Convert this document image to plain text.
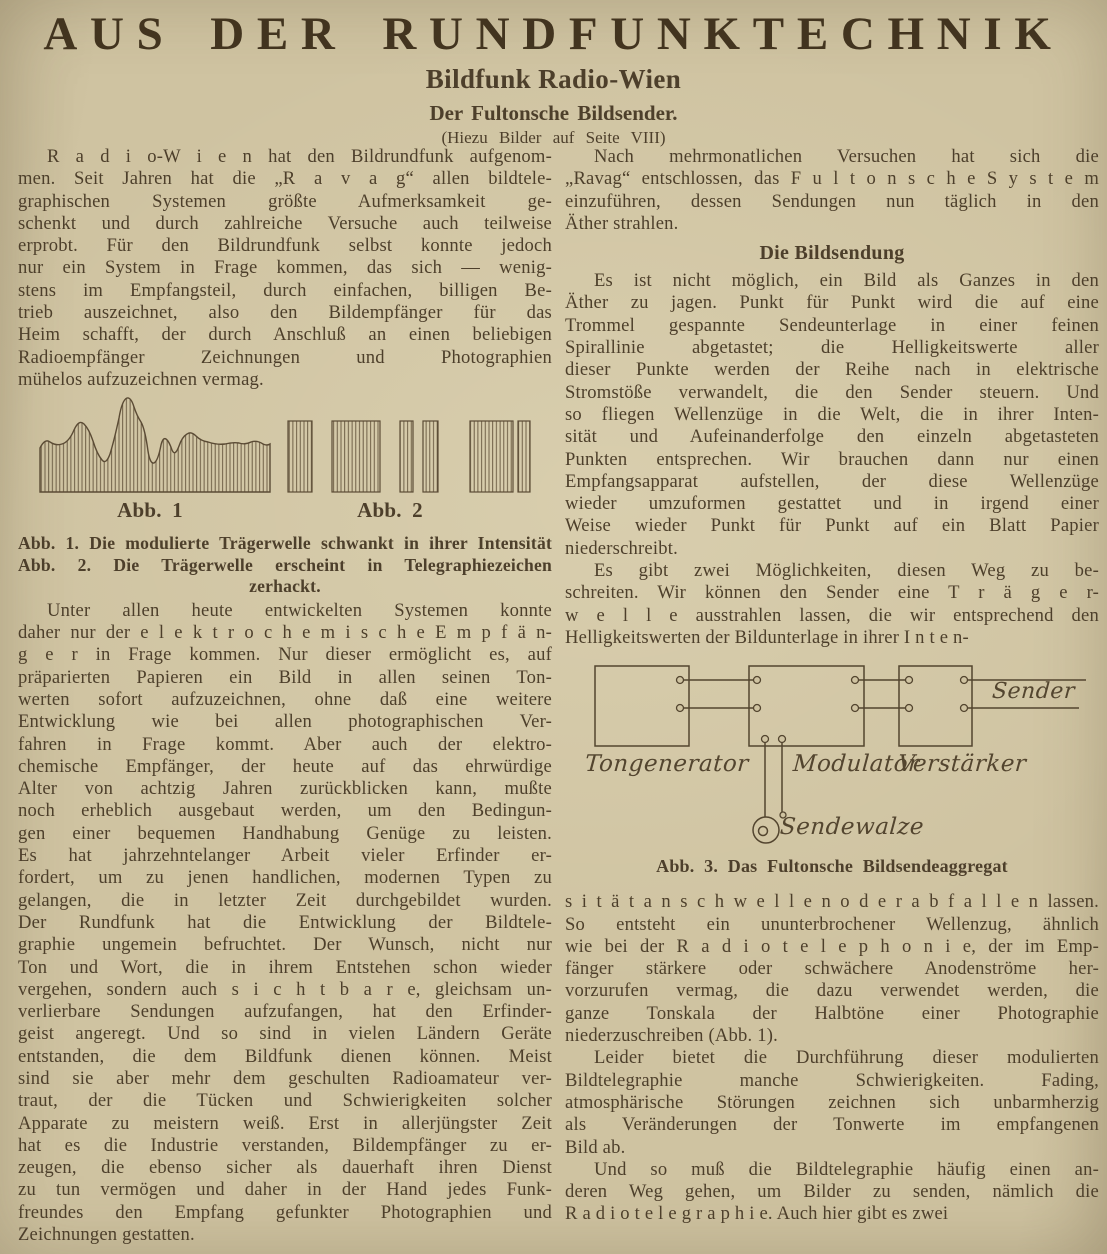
AUS DER RUNDFUNKTECHNIK
Bildfunk Radio-Wien
Der Fultonsche Bildsender.
(Hiezu Bilder auf Seite VIII)
R a d i o-W i e n hat den Bildrundfunk aufgenom-
men. Seit Jahren hat die „R a v a g“ allen bildtele-
graphischen Systemen größte Aufmerksamkeit ge-
schenkt und durch zahlreiche Versuche auch teilweise
erprobt. Für den Bildrundfunk selbst konnte jedoch
nur ein System in Frage kommen, das sich — wenig-
stens im Empfangsteil, durch einfachen, billigen Be-
trieb auszeichnet, also den Bildempfänger für das
Heim schafft, der durch Anschluß an einen beliebigen
Radioempfänger Zeichnungen und Photographien
mühelos aufzuzeichnen vermag.
Abb. 1	Abb. 2
Abb. 1. Die modulierte Trägerwelle schwankt in ihrer Intensität
Abb. 2. Die Trägerwelle erscheint in Telegraphiezeichen
zerhackt.
Unter allen heute entwickelten Systemen konnte
daher nur der e l e k t r o c h e m i s c h e E m p f ä n-
g e r in Frage kommen. Nur dieser ermöglicht es, auf
präparierten Papieren ein Bild in allen seinen Ton-
werten sofort aufzuzeichnen, ohne daß eine weitere
Entwicklung wie bei allen photographischen Ver-
fahren in Frage kommt. Aber auch der elektro-
chemische Empfänger, der heute auf das ehrwürdige
Alter von achtzig Jahren zurückblicken kann, mußte
noch erheblich ausgebaut werden, um den Bedingun-
gen einer bequemen Handhabung Genüge zu leisten.
Es hat jahrzehntelanger Arbeit vieler Erfinder er-
fordert, um zu jenen handlichen, modernen Typen zu
gelangen, die in letzter Zeit durchgebildet wurden.
Der Rundfunk hat die Entwicklung der Bildtele-
graphie ungemein befruchtet. Der Wunsch, nicht nur
Ton und Wort, die in ihrem Entstehen schon wieder
vergehen, sondern auch s i c h t b a r e, gleichsam un-
verlierbare Sendungen aufzufangen, hat den Erfinder-
geist angeregt. Und so sind in vielen Ländern Geräte
entstanden, die dem Bildfunk dienen können. Meist
sind sie aber mehr dem geschulten Radioamateur ver-
traut, der die Tücken und Schwierigkeiten solcher
Apparate zu meistern weiß. Erst in allerjüngster Zeit
hat es die Industrie verstanden, Bildempfänger zu er-
zeugen, die ebenso sicher als dauerhaft ihren Dienst
zu tun vermögen und daher in der Hand jedes Funk-
freundes den Empfang gefunkter Photographien und
Zeichnungen gestatten.
Nach mehrmonatlichen Versuchen hat sich die
„Ravag“ entschlossen, das F u l t o n s c h e S y s t e m
einzuführen, dessen Sendungen nun täglich in den
Äther strahlen.
Die Bildsendung
Es ist nicht möglich, ein Bild als Ganzes in den
Äther zu jagen. Punkt für Punkt wird die auf eine
Trommel gespannte Sendeunterlage in einer feinen
Spirallinie abgetastet; die Helligkeitswerte aller
dieser Punkte werden der Reihe nach in elektrische
Stromstöße verwandelt, die den Sender steuern. Und
so fliegen Wellenzüge in die Welt, die in ihrer Inten-
sität und Aufeinanderfolge den einzeln abgetasteten
Punkten entsprechen. Wir brauchen dann nur einen
Empfangsapparat aufstellen, der diese Wellenzüge
wieder umzuformen gestattet und in irgend einer
Weise wieder Punkt für Punkt auf ein Blatt Papier
niederschreibt.
Es gibt zwei Möglichkeiten, diesen Weg zu be-
schreiten. Wir können den Sender eine T r ä g e r-
w e l l e ausstrahlen lassen, die wir entsprechend den
Helligkeitswerten der Bildunterlage in ihrer I n t e n-
Tongenerator Modulator
Verstärker
Sender
Sendewalze
Abb. 3. Das Fultonsche Bildsendeaggregat
s i t ä t a n s c h w e l l e n o d e r a b f a l l e n lassen.
So entsteht ein ununterbrochener Wellenzug, ähnlich
wie bei der R a d i o t e l e p h o n i e, der im Emp-
fänger stärkere oder schwächere Anodenströme her-
vorzurufen vermag, die dazu verwendet werden, die
ganze Tonskala der Halbtöne einer Photographie
niederzuschreiben (Abb. 1).
Leider bietet die Durchführung dieser modulierten
Bildtelegraphie manche Schwierigkeiten. Fading,
atmosphärische Störungen zeichnen sich unbarmherzig
als Veränderungen der Tonwerte im empfangenen
Bild ab.
Und so muß die Bildtelegraphie häufig einen an-
deren Weg gehen, um Bilder zu senden, nämlich die
R a d i o t e l e g r a p h i e. Auch hier gibt es zwei
